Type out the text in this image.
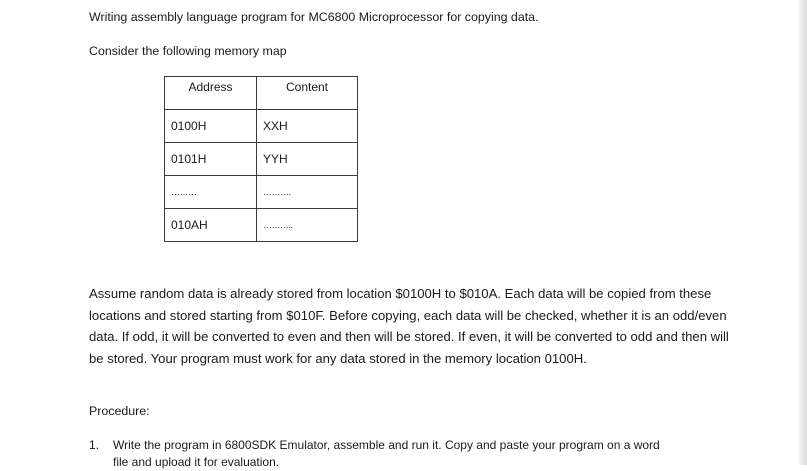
Writing assembly language program for MC6800 Microprocessor for copying data.
Consider the following memory map
Address	Content
0100H	XXH
0101H	YYH
………	……….
010AH	………..
Assume random data is already stored from location $0100H to $010A. Each data will be copied from these locations and stored starting from $010F. Before copying, each data will be checked, whether it is an odd/even data. If odd, it will be converted to even and then will be stored. If even, it will be converted to odd and then will be stored. Your program must work for any data stored in the memory location 0100H.
Procedure:
1. Write the program in 6800SDK Emulator, assemble and run it. Copy and paste your program on a word
file and upload it for evaluation.
